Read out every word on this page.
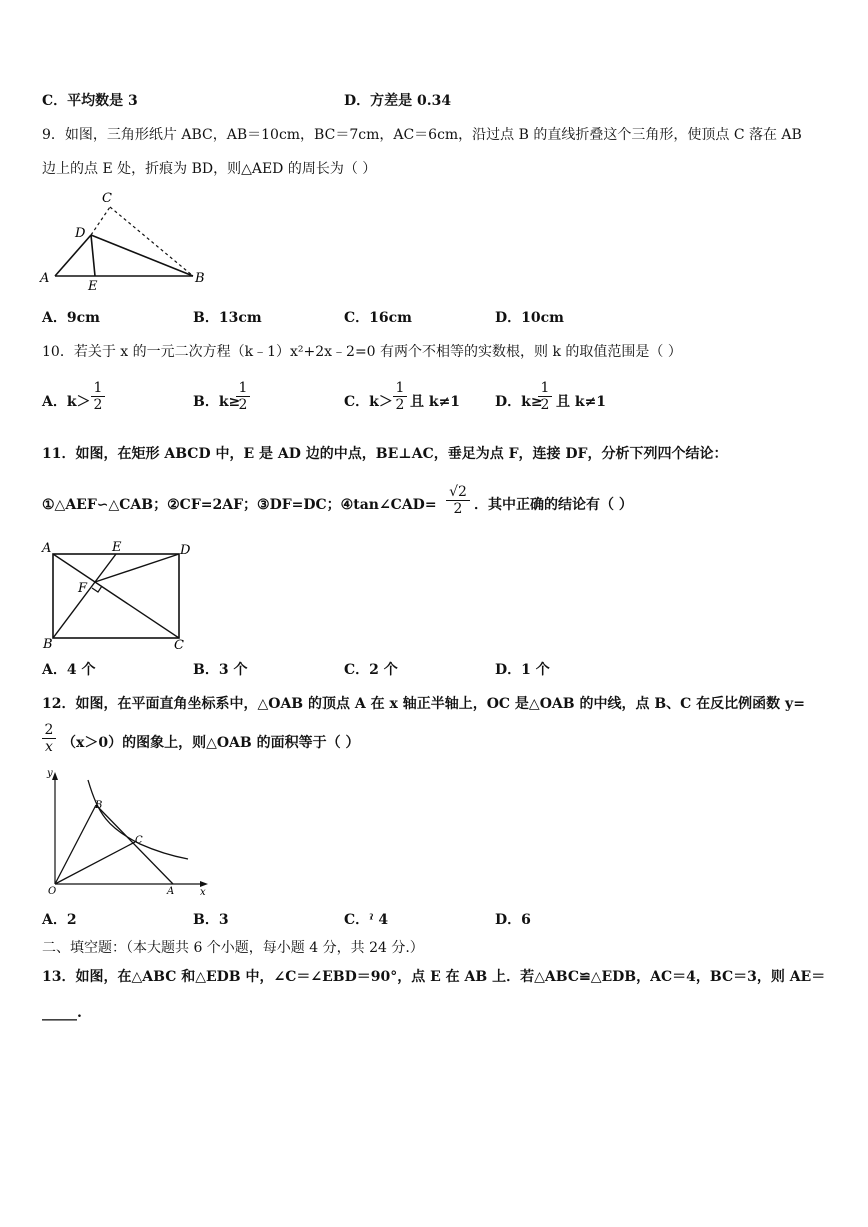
C．平均数是 3	D．方差是 0.34
9．如图，三角形纸片 ABC，AB＝10cm，BC＝7cm，AC＝6cm，沿过点 B 的直线折叠这个三角形，使顶点 C 落在 AB
边上的点 E 处，折痕为 BD，则△AED 的周长为（ ）
C
D
A
E
B
A．9cm	B．13cm	C．16cm	D．10cm
10．若关于 x 的一元二次方程（k﹣1）x²+2x﹣2=0 有两个不相等的实数根，则 k 的取值范围是（ ）
A．$k> \frac{1}{2}$	B．k≥
$\frac{1}{2}$	C．$k> \frac{1}{2}$ 且 k≠1 D．k≥
$\frac{1}{2}$ 且 k≠1
11．如图，在矩形 ABCD 中，E 是 AD 边的中点，BE⊥AC，垂足为点 F，连接 DF，分析下列四个结论：
①△AEF∽△CAB；②CF=2AF；③DF=DC；④tan∠CAD= $\frac{√2}{2}$ ．其中正确的结论有（ ）
A	E	D
F
B	C
A．4 个	B．3 个	C．2 个	D．1 个
12．如图，在平面直角坐标系中，△OAB 的顶点 A 在 x 轴正半轴上，OC 是△OAB 的中线，点 B、C 在反比例函数 y=
$\frac{2}{x} (x>0)$的图象上，则△OAB 的面积等于（ ）
y
x
O	A
B
C
A．2	B．3	C．ˀ 4	D．6
二、填空题：（本大题共 6 个小题，每小题 4 分，共 24 分.）
13．如图，在△ABC 和△EDB 中，∠C＝∠EBD＝90°，点 E 在 AB 上．若△ABC≌△EDB，AC＝4，BC＝3，则 AE＝
_____.
